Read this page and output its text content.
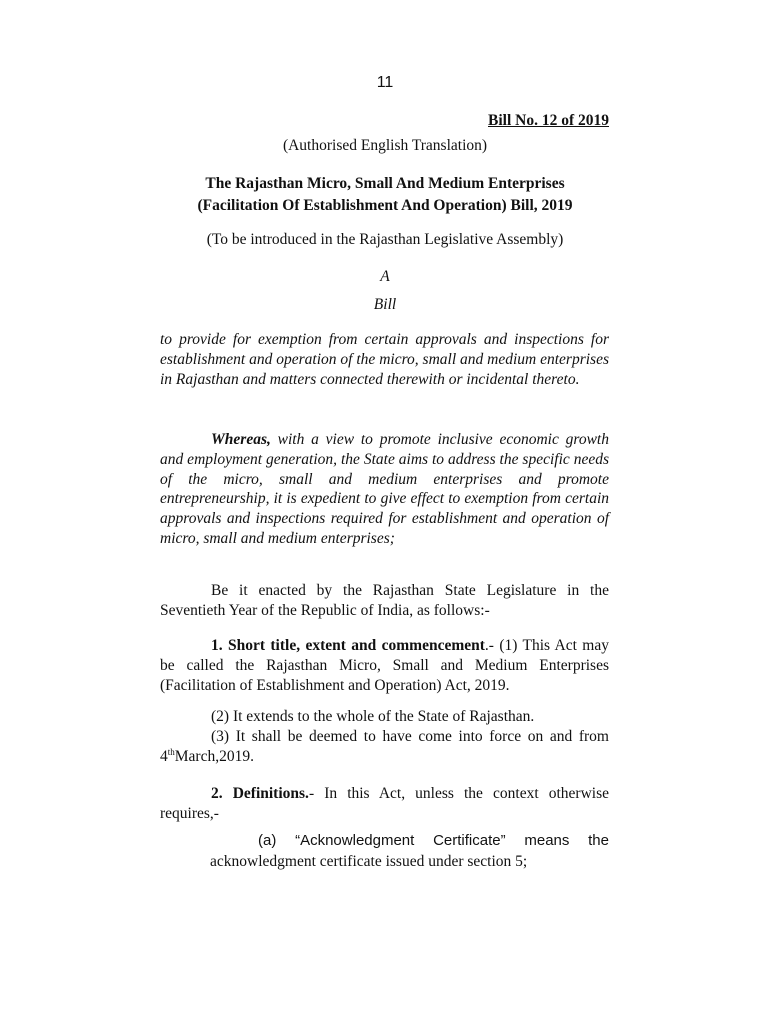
11
Bill No. 12 of 2019
(Authorised English Translation)
The Rajasthan Micro, Small And Medium Enterprises
(Facilitation Of Establishment And Operation) Bill, 2019
(To be introduced in the Rajasthan Legislative Assembly)
A
Bill
to provide for exemption from certain approvals and inspections for establishment and operation of the micro, small and medium enterprises in Rajasthan and matters connected therewith or incidental thereto.
Whereas, with a view to promote inclusive economic growth and employment generation, the State aims to address the specific needs of the micro, small and medium enterprises and promote entrepreneurship, it is expedient to give effect to exemption from certain approvals and inspections required for establishment and operation of micro, small and medium enterprises;
Be it enacted by the Rajasthan State Legislature in the Seventieth Year of the Republic of India, as follows:-
1. Short title, extent and commencement.- (1) This Act may be called the Rajasthan Micro, Small and Medium Enterprises (Facilitation of Establishment and Operation) Act, 2019.
(2) It extends to the whole of the State of Rajasthan.
(3) It shall be deemed to have come into force on and from 4thMarch,2019.
2. Definitions.- In this Act, unless the context otherwise requires,-
(a) “Acknowledgment Certificate” means the
acknowledgment certificate issued under section 5;
